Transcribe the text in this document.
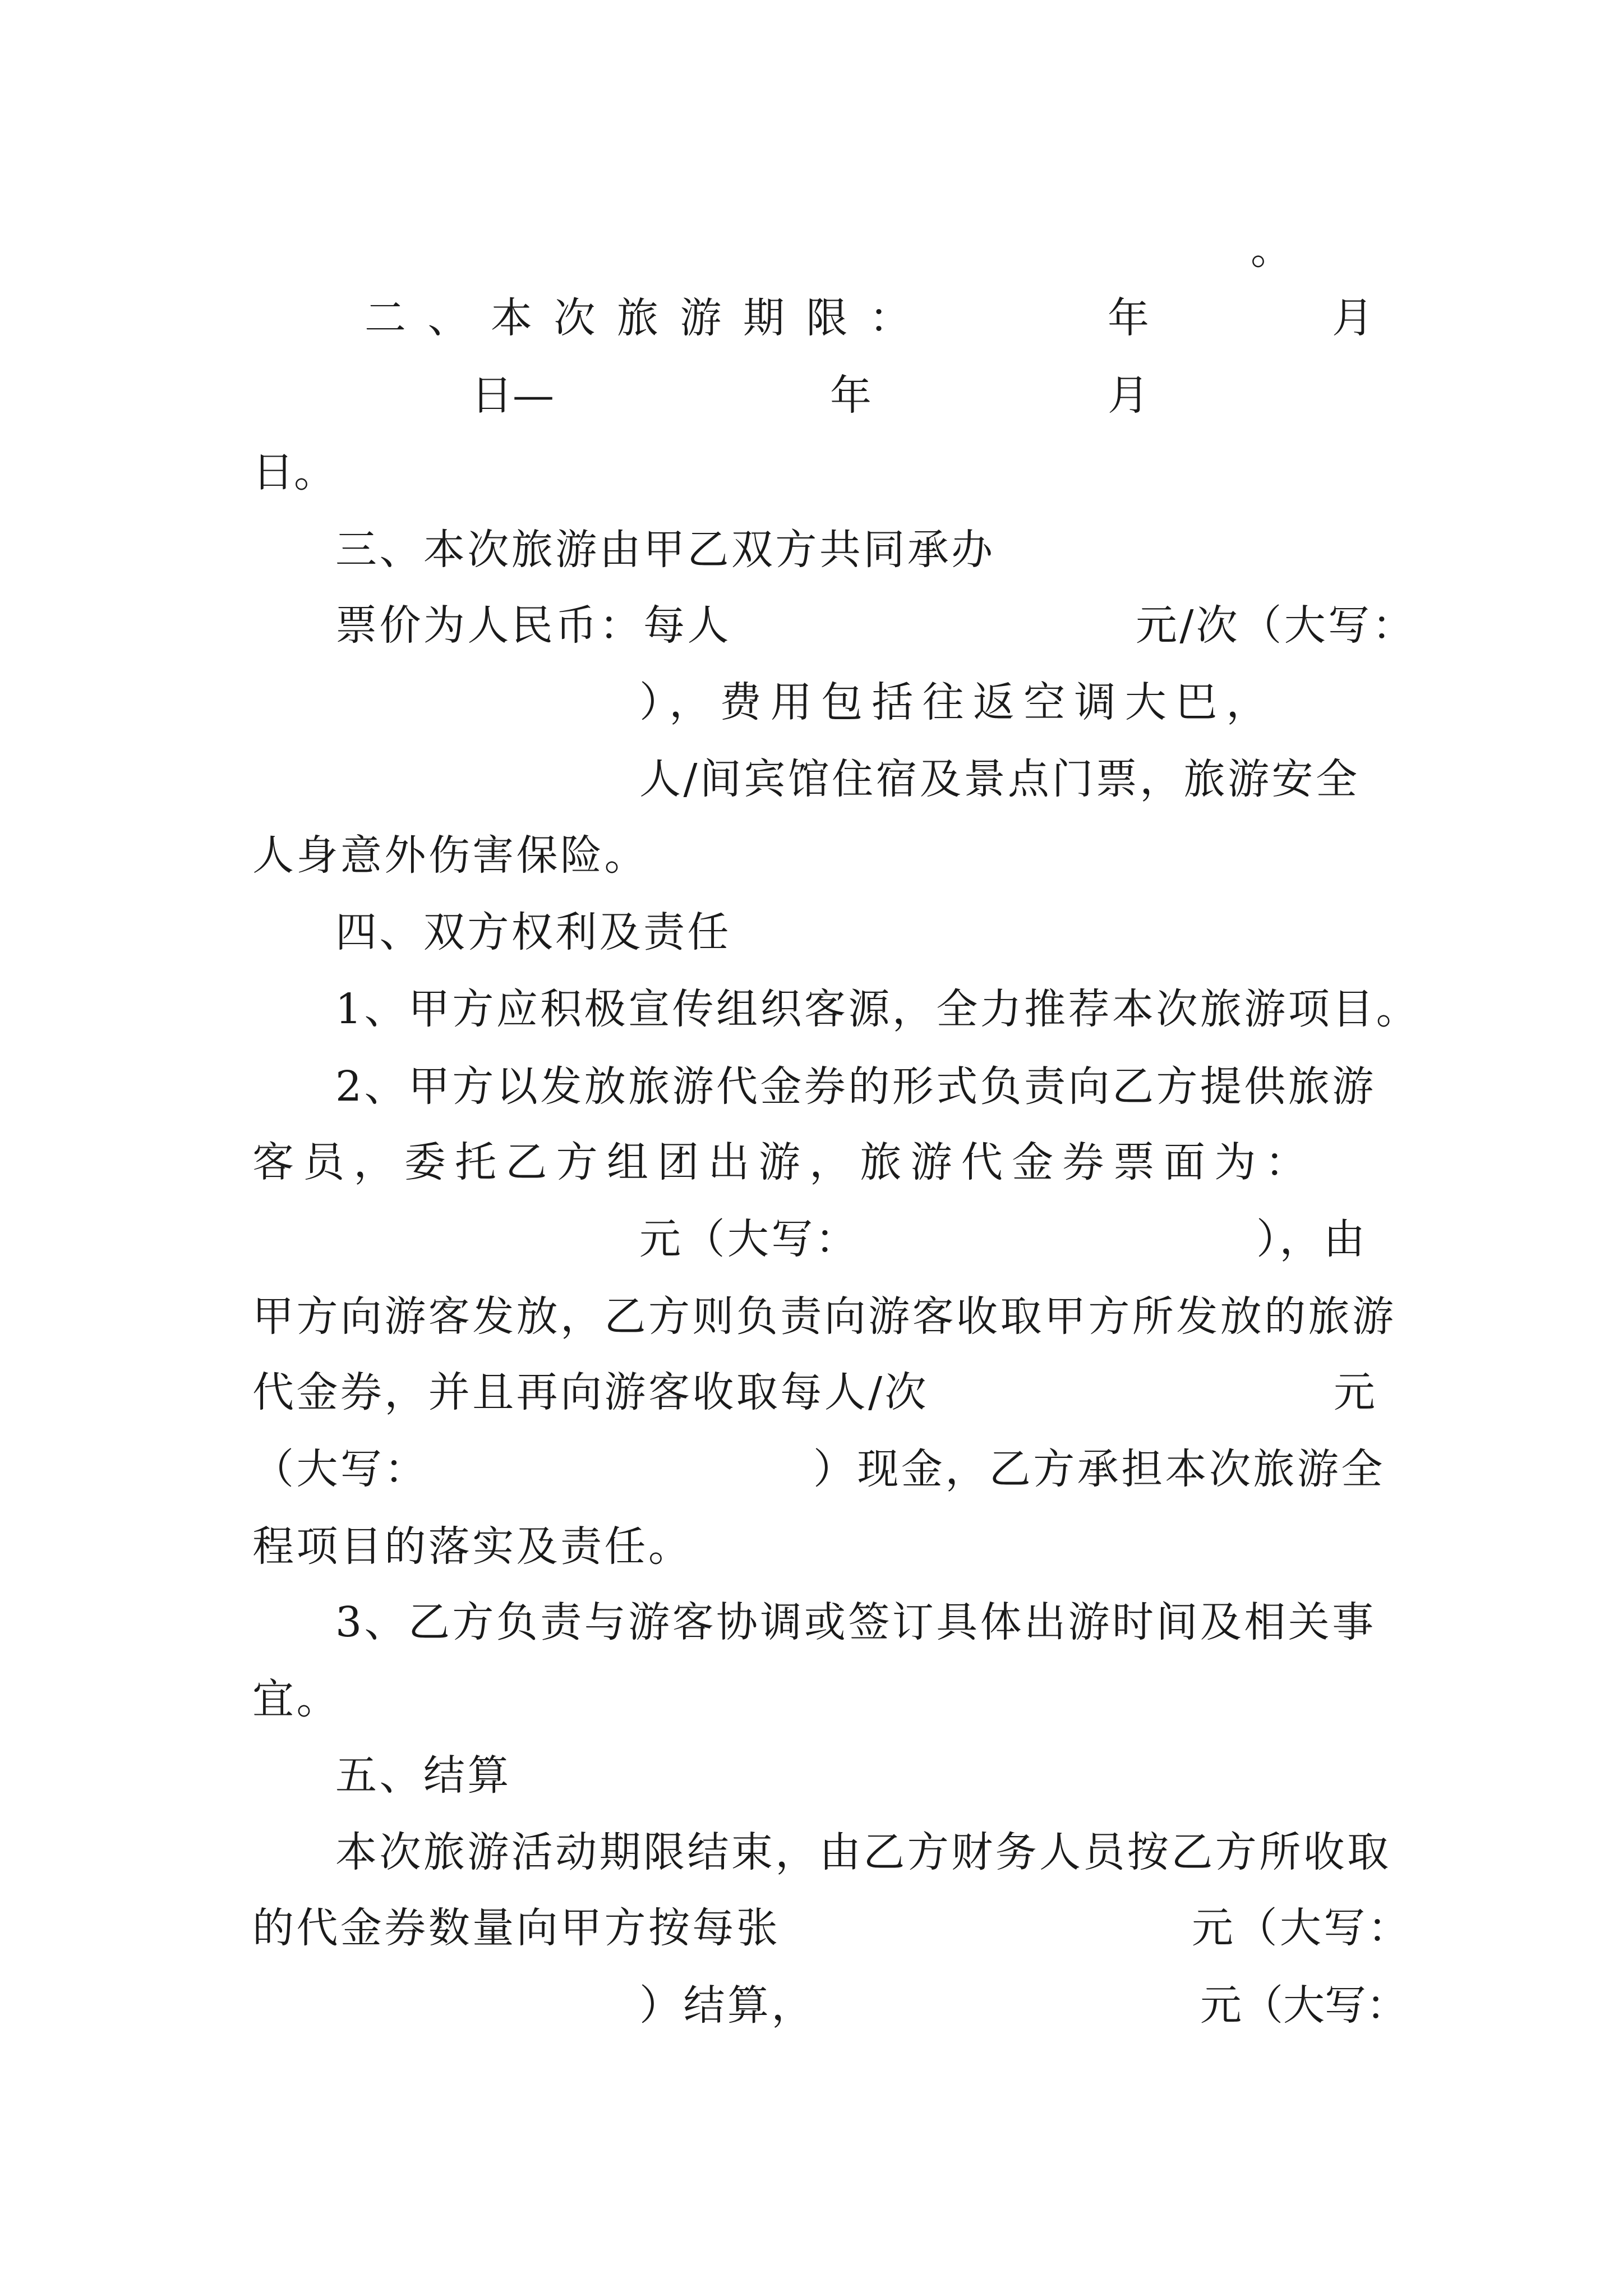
。
二、本次旅游期限：	年	月
日—	年	月
日。
三、本次旅游由甲乙双方共同承办
票价为人民币：每人	元/次（大写：
），费用包括往返空调大巴，
人/间宾馆住宿及景点门票，旅游安全
人身意外伤害保险。
四、双方权利及责任
1、甲方应积极宣传组织客源，全力推荐本次旅游项目。
2、甲方以发放旅游代金券的形式负责向乙方提供旅游
客员，委托乙方组团出游，旅游代金券票面为：
元（大写：	），由
甲方向游客发放，乙方则负责向游客收取甲方所发放的旅游
代金券，并且再向游客收取每人/次	元
（大写：	）现金，乙方承担本次旅游全
程项目的落实及责任。
3、乙方负责与游客协调或签订具体出游时间及相关事
宜。
五、结算
本次旅游活动期限结束，由乙方财务人员按乙方所收取
的代金券数量向甲方按每张	元（大写：
）结算，	元（大写：
